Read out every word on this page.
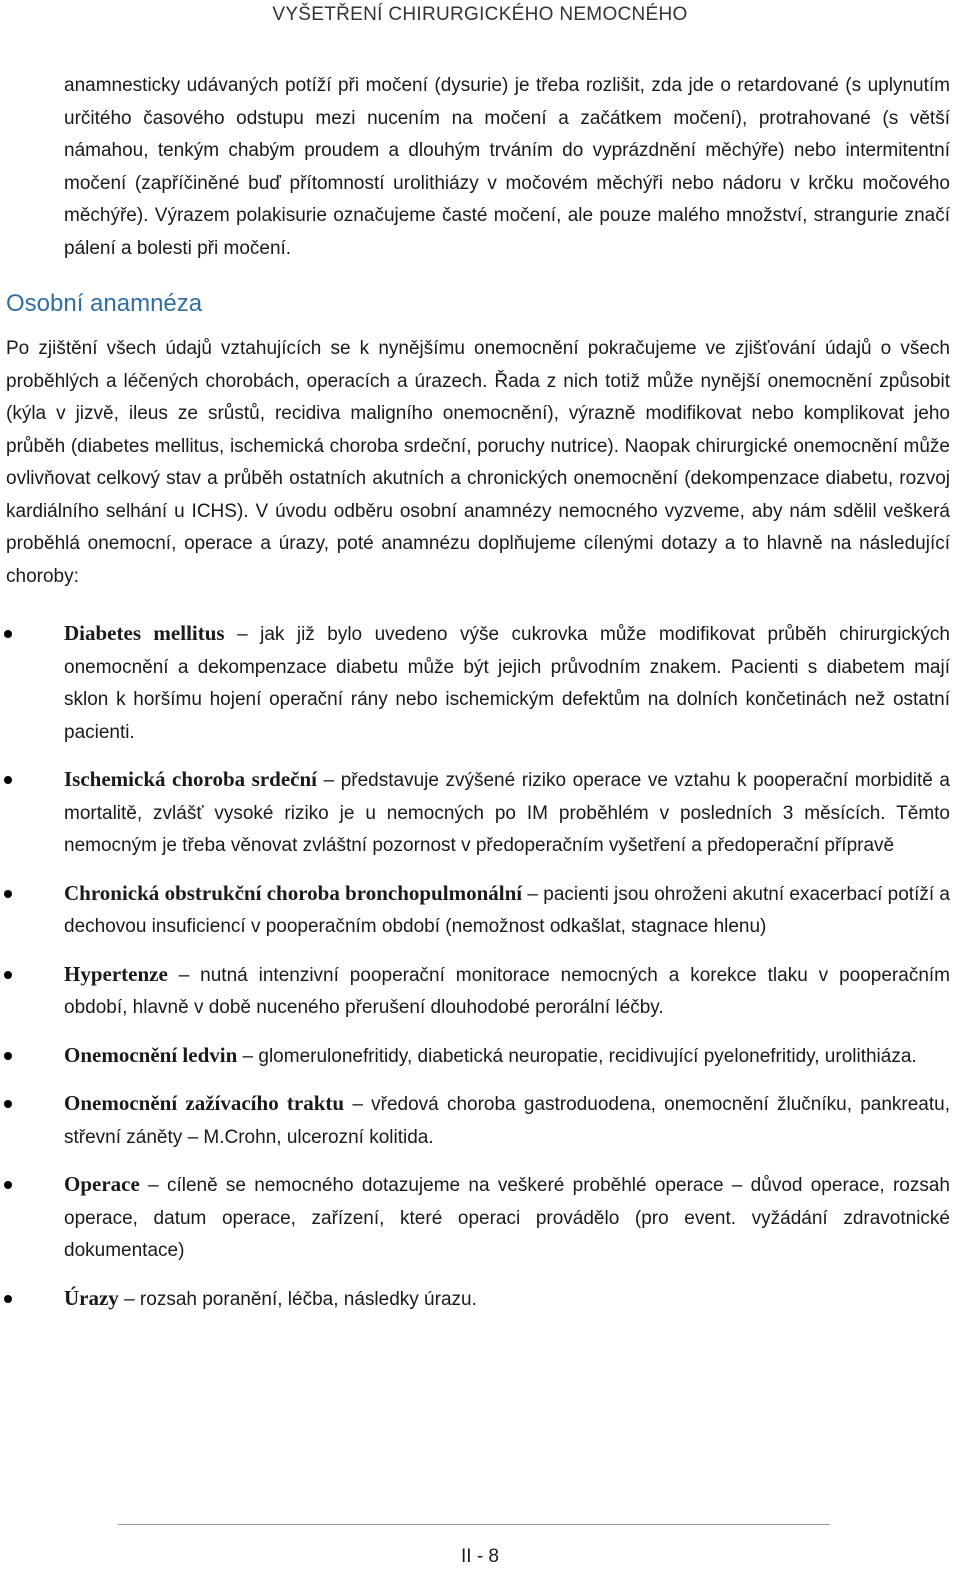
VYŠETŘENÍ CHIRURGICKÉHO NEMOCNÉHO

anamnesticky udávaných potíží při močení (dysurie) je třeba rozlišit, zda jde o retardované (s uplynutím určitého časového odstupu mezi nucením na močení a začátkem močení), protrahované (s větší námahou, tenkým chabým proudem a dlouhým trváním do vyprázdnění měchýře) nebo intermitentní močení (zapříčiněné buď přítomností urolithiázy v močovém měchýři nebo nádoru v krčku močového měchýře). Výrazem polakisurie označujeme časté močení, ale pouze malého množství, strangurie značí pálení a bolesti při močení.

Osobní anamnéza

Po zjištění všech údajů vztahujících se k nynějšímu onemocnění pokračujeme ve zjišťování údajů o všech proběhlých a léčených chorobách, operacích a úrazech. Řada z nich totiž může nynější onemocnění způsobit (kýla v jizvě, ileus ze srůstů, recidiva maligního onemocnění), výrazně modifikovat nebo komplikovat jeho průběh (diabetes mellitus, ischemická choroba srdeční, poruchy nutrice). Naopak chirurgické onemocnění může ovlivňovat celkový stav a průběh ostatních akutních a chronických onemocnění (dekompenzace diabetu, rozvoj kardiálního selhání u ICHS). V úvodu odběru osobní anamnézy nemocného vyzveme, aby nám sdělil veškerá proběhlá onemocní, operace a úrazy, poté anamnézu doplňujeme cílenými dotazy a to hlavně na následující choroby:

Diabetes mellitus – jak již bylo uvedeno výše cukrovka může modifikovat průběh chirurgických onemocnění a dekompenzace diabetu může být jejich průvodním znakem. Pacienti s diabetem mají sklon k horšímu hojení operační rány nebo ischemickým defektům na dolních končetinách než ostatní pacienti.
Ischemická choroba srdeční – představuje zvýšené riziko operace ve vztahu k pooperační morbiditě a mortalitě, zvlášť vysoké riziko je u nemocných po IM proběhlém v posledních 3 měsících. Těmto nemocným je třeba věnovat zvláštní pozornost v předoperačním vyšetření a předoperační přípravě
Chronická obstrukční choroba bronchopulmonální – pacienti jsou ohroženi akutní exacerbací potíží a dechovou insuficiencí v pooperačním období (nemožnost odkašlat, stagnace hlenu)
Hypertenze – nutná intenzivní pooperační monitorace nemocných a korekce tlaku v pooperačním období, hlavně v době nuceného přerušení dlouhodobé perorální léčby.
Onemocnění ledvin – glomerulonefritidy, diabetická neuropatie, recidivující pyelonefritidy, urolithiáza.
Onemocnění zažívacího traktu – vředová choroba gastroduodena, onemocnění žlučníku, pankreatu, střevní záněty – M.Crohn, ulcerozní kolitida.
Operace – cíleně se nemocného dotazujeme na veškeré proběhlé operace – důvod operace, rozsah operace, datum operace, zařízení, které operaci provádělo (pro event. vyžádání zdravotnické dokumentace)
Úrazy – rozsah poranění, léčba, následky úrazu.
II - 8
